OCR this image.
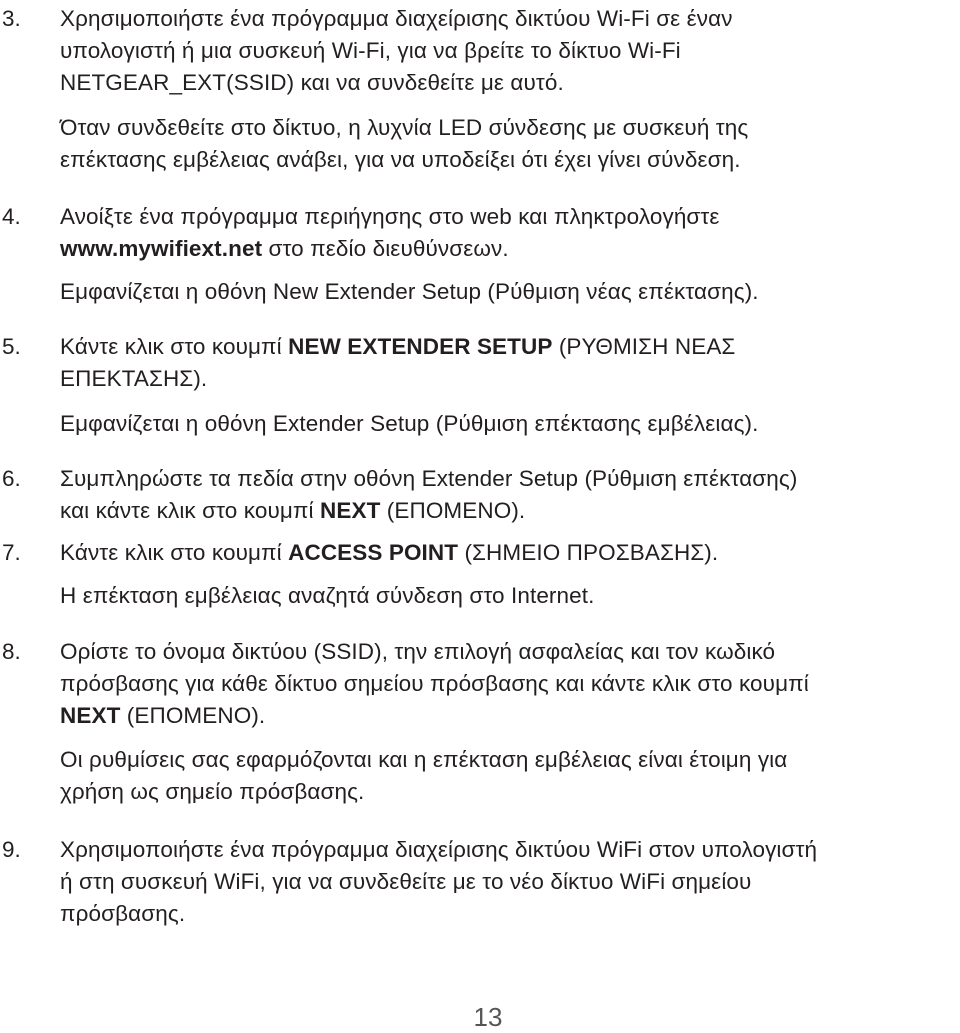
3. Χρησιμοποιήστε ένα πρόγραμμα διαχείρισης δικτύου Wi-Fi σε έναν
υπολογιστή ή μια συσκευή Wi-Fi, για να βρείτε το δίκτυο Wi-Fi
NETGEAR_EXT(SSID) και να συνδεθείτε με αυτό.

Όταν συνδεθείτε στο δίκτυο, η λυχνία LED σύνδεσης με συσκευή της
επέκτασης εμβέλειας ανάβει, για να υποδείξει ότι έχει γίνει σύνδεση.

4. Ανοίξτε ένα πρόγραμμα περιήγησης στο web και πληκτρολογήστε
www.mywifiext.net στο πεδίο διευθύνσεων.

Εμφανίζεται η οθόνη New Extender Setup (Ρύθμιση νέας επέκτασης).

5. Κάντε κλικ στο κουμπί NEW EXTENDER SETUP (ΡΥΘΜΙΣΗ ΝΕΑΣ
ΕΠΕΚΤΑΣΗΣ).

Εμφανίζεται η οθόνη Extender Setup (Ρύθμιση επέκτασης εμβέλειας).

6. Συμπληρώστε τα πεδία στην οθόνη Extender Setup (Ρύθμιση επέκτασης)
και κάντε κλικ στο κουμπί NEXT (ΕΠΟΜΕΝΟ).

7. Κάντε κλικ στο κουμπί ACCESS POINT (ΣΗΜΕΙΟ ΠΡΟΣΒΑΣΗΣ).

Η επέκταση εμβέλειας αναζητά σύνδεση στο Internet.

8. Ορίστε το όνομα δικτύου (SSID), την επιλογή ασφαλείας και τον κωδικό
πρόσβασης για κάθε δίκτυο σημείου πρόσβασης και κάντε κλικ στο κουμπί
NEXT (ΕΠΟΜΕΝΟ).

Οι ρυθμίσεις σας εφαρμόζονται και η επέκταση εμβέλειας είναι έτοιμη για
χρήση ως σημείο πρόσβασης.

9. Χρησιμοποιήστε ένα πρόγραμμα διαχείρισης δικτύου WiFi στον υπολογιστή
ή στη συσκευή WiFi, για να συνδεθείτε με το νέο δίκτυο WiFi σημείου
πρόσβασης.

13
